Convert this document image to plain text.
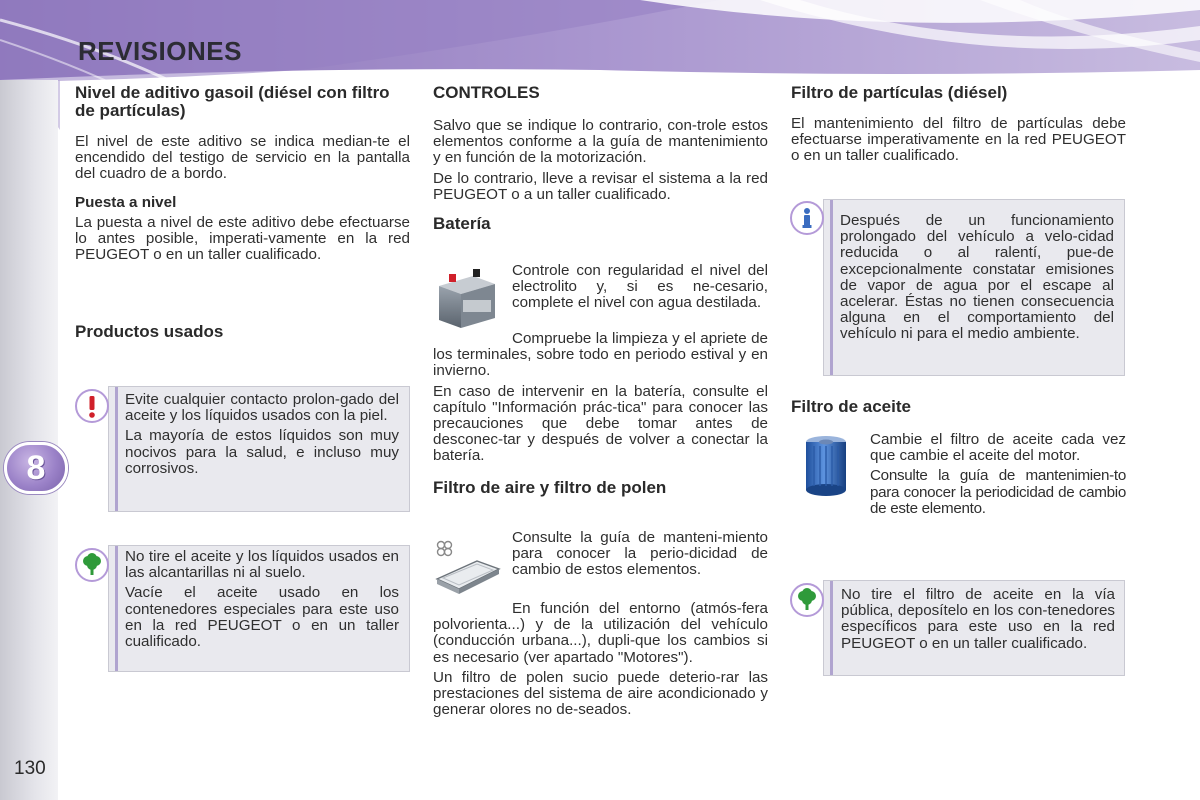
REVISIONES
8
130
Nivel de aditivo gasoil (diésel con filtro de partículas)

El nivel de este aditivo se indica median-te el encendido del testigo de servicio en la pantalla del cuadro de a bordo.

Puesta a nivel

La puesta a nivel de este aditivo debe efectuarse lo antes posible, imperati-vamente en la red PEUGEOT o en un taller cualificado.

Productos usados

Evite cualquier contacto prolon-gado del aceite y los líquidos usados con la piel.

La mayoría de estos líquidos son muy nocivos para la salud, e incluso muy corrosivos.

No tire el aceite y los líquidos usados en las alcantarillas ni al suelo.

Vacíe el aceite usado en los contenedores especiales para este uso en la red PEUGEOT o en un taller cualificado.

CONTROLES

Salvo que se indique lo contrario, con-trole estos elementos conforme a la guía de mantenimiento y en función de la motorización.

De lo contrario, lleve a revisar el sistema a la red PEUGEOT o a un taller cualificado.

Batería

Controle con regularidad el nivel del electrolito y, si es ne-cesario, complete el nivel con agua destilada.

Compruebe la limpieza y el apriete de los terminales, sobre todo en periodo estival y en invierno.

En caso de intervenir en la batería, consulte el capítulo "Información prác-tica" para conocer las precauciones que debe tomar antes de desconec-tar y después de volver a conectar la batería.

Filtro de aire y filtro de polen

Consulte la guía de manteni-miento para conocer la perio-dicidad de cambio de estos elementos.

En función del entorno (atmós-fera polvorienta...) y de la utilización del vehículo (conducción urbana...), dupli-que los cambios si es necesario (ver apartado "Motores").

Un filtro de polen sucio puede deterio-rar las prestaciones del sistema de aire acondicionado y generar olores no de-seados.

Filtro de partículas (diésel)

El mantenimiento del filtro de partículas debe efectuarse imperativamente en la red PEUGEOT o en un taller cualificado.

Después de un funcionamiento prolongado del vehículo a velo-cidad reducida o al ralentí, pue-de excepcionalmente constatar emisiones de vapor de agua por el escape al acelerar. Éstas no tienen consecuencia alguna en el comportamiento del vehículo ni para el medio ambiente.

Filtro de aceite

Cambie el filtro de aceite cada vez que cambie el aceite del motor.

Consulte la guía de mantenimien-to para conocer la periodicidad de cambio de este elemento.

No tire el filtro de aceite en la vía pública, deposítelo en los con-tenedores específicos para este uso en la red PEUGEOT o en un taller cualificado.
